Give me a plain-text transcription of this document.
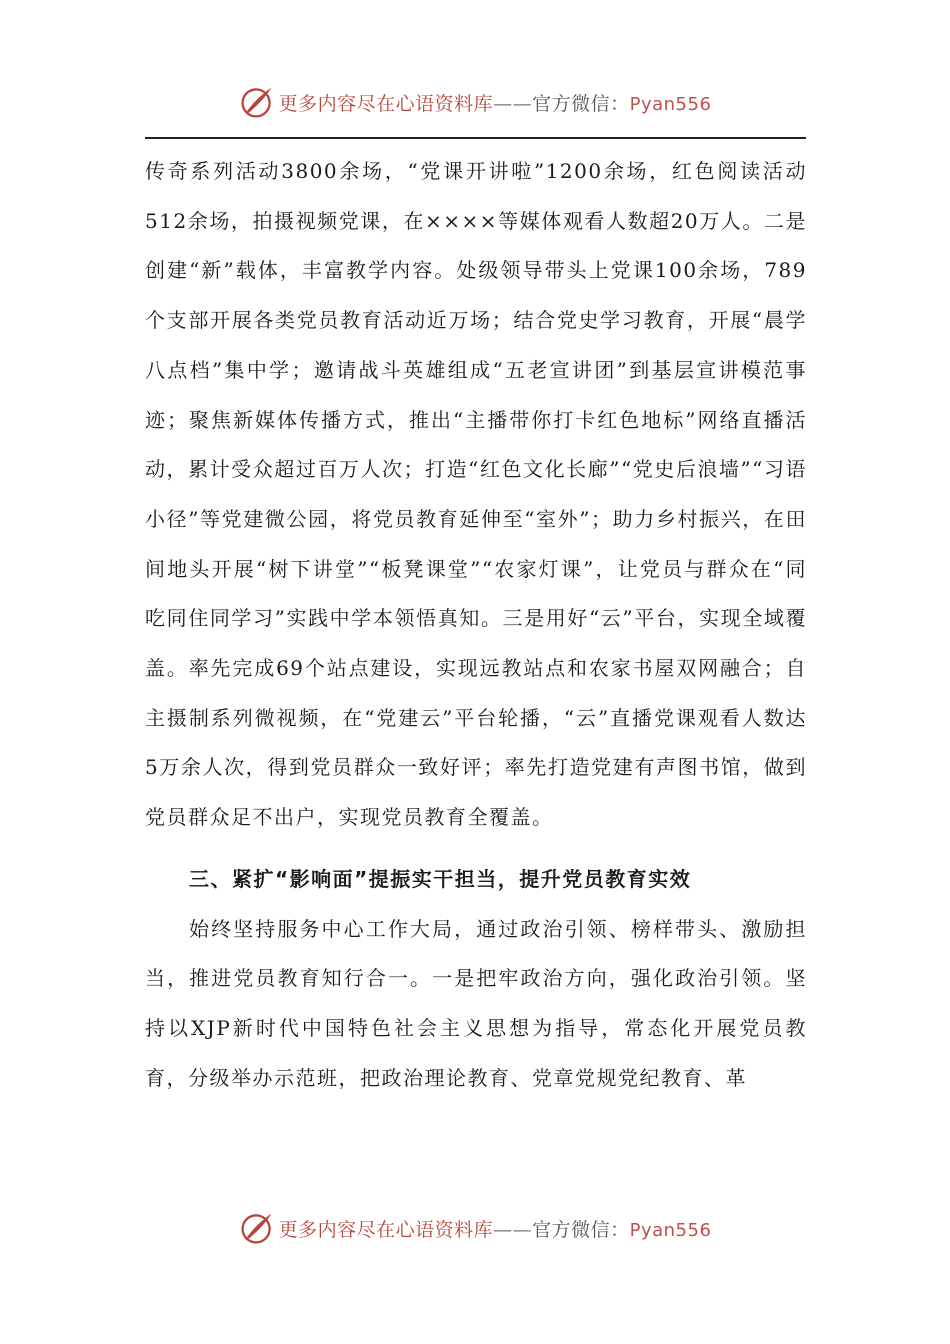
更多内容尽在心语资料库——官方微信：Pyan556

传奇系列活动3800余场，“党课开讲啦”1200余场，红色阅读活动512余场，拍摄视频党课，在××××等媒体观看人数超20万人。二是创建“新”载体，丰富教学内容。处级领导带头上党课100余场，789个支部开展各类党员教育活动近万场；结合党史学习教育，开展“晨学八点档”集中学；邀请战斗英雄组成“五老宣讲团”到基层宣讲模范事迹；聚焦新媒体传播方式，推出“主播带你打卡红色地标”网络直播活动，累计受众超过百万人次；打造“红色文化长廊”“党史后浪墙”“习语小径”等党建微公园，将党员教育延伸至“室外”；助力乡村振兴，在田间地头开展“树下讲堂”“板凳课堂”“农家灯课”，让党员与群众在“同吃同住同学习”实践中学本领悟真知。三是用好“云”平台，实现全域覆盖。率先完成69个站点建设，实现远教站点和农家书屋双网融合；自主摄制系列微视频，在“党建云”平台轮播，“云”直播党课观看人数达5万余人次，得到党员群众一致好评；率先打造党建有声图书馆，做到党员群众足不出户，实现党员教育全覆盖。

三、紧扩“影响面”提振实干担当，提升党员教育实效

始终坚持服务中心工作大局，通过政治引领、榜样带头、激励担当，推进党员教育知行合一。一是把牢政治方向，强化政治引领。坚持以XJP新时代中国特色社会主义思想为指导，常态化开展党员教育，分级举办示范班，把政治理论教育、党章党规党纪教育、革

更多内容尽在心语资料库——官方微信：Pyan556
